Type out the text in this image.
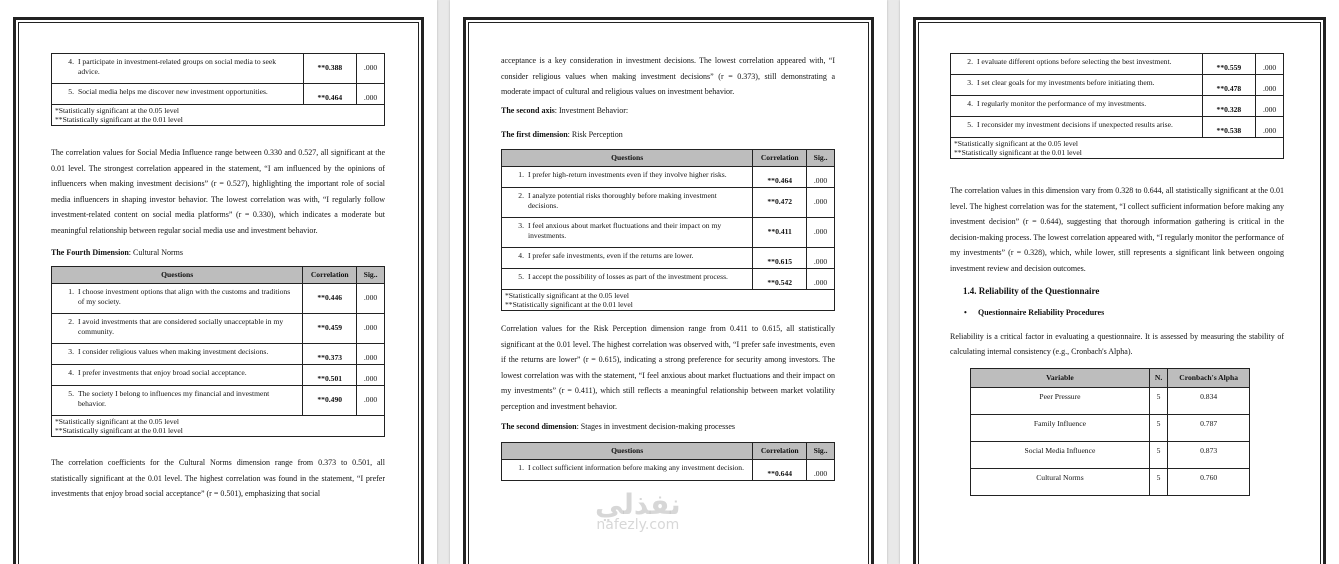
4. I participate in investment-related groups on social media to seek advice.	**0.388	.000
5. Social media helps me discover new investment opportunities.	**0.464	.000

*Statistically significant at the 0.05 level
**Statistically significant at the 0.01 level		

The correlation values for Social Media Influence range between 0.330 and 0.527, all significant at the 0.01 level. The strongest correlation appeared in the statement, “I am influenced by the opinions of influencers when making investment decisions” (r = 0.527), highlighting the important role of social media influencers in shaping investor behavior. The lowest correlation was with, “I regularly follow investment-related content on social media platforms” (r = 0.330), which indicates a moderate but meaningful relationship between regular social media use and investment behavior.

The Fourth Dimension: Cultural Norms

Questions	Correlation	Sig..
1. I choose investment options that align with the customs and traditions of my society.	**0.446	.000
2. I avoid investments that are considered socially unacceptable in my community.	**0.459	.000
3. I consider religious values when making investment decisions.	**0.373	.000
4. I prefer investments that enjoy broad social acceptance.	**0.501	.000
5. The society I belong to influences my financial and investment behavior.	**0.490	.000

*Statistically significant at the 0.05 level
**Statistically significant at the 0.01 level		

The correlation coefficients for the Cultural Norms dimension range from 0.373 to 0.501, all statistically significant at the 0.01 level. The highest correlation was found in the statement, “I prefer investments that enjoy broad social acceptance” (r = 0.501), emphasizing that social

acceptance is a key consideration in investment decisions. The lowest correlation appeared with, “I consider religious values when making investment decisions” (r = 0.373), still demonstrating a moderate impact of cultural and religious values on investment behavior.

The second axis: Investment Behavior:

The first dimension: Risk Perception

Questions	Correlation	Sig..
1. I prefer high-return investments even if they involve higher risks.	**0.464	.000
2. I analyze potential risks thoroughly before making investment decisions.	**0.472	.000
3. I feel anxious about market fluctuations and their impact on my investments.	**0.411	.000
4. I prefer safe investments, even if the returns are lower.	**0.615	.000
5. I accept the possibility of losses as part of the investment process.	**0.542	.000

*Statistically significant at the 0.05 level
**Statistically significant at the 0.01 level		

Correlation values for the Risk Perception dimension range from 0.411 to 0.615, all statistically significant at the 0.01 level. The highest correlation was observed with, “I prefer safe investments, even if the returns are lower” (r = 0.615), indicating a strong preference for security among investors. The lowest correlation was with the statement, “I feel anxious about market fluctuations and their impact on my investments” (r = 0.411), which still reflects a meaningful relationship between market volatility perception and investment behavior.

The second dimension: Stages in investment decision-making processes

Questions	Correlation	Sig..
1. I collect sufficient information before making any investment decision.	**0.644	.000
نفذلي
nafezly.com
2. I evaluate different options before selecting the best investment.	**0.559	.000
3. I set clear goals for my investments before initiating them.	**0.478	.000
4. I regularly monitor the performance of my investments.	**0.328	.000
5. I reconsider my investment decisions if unexpected results arise.	**0.538	.000

*Statistically significant at the 0.05 level
**Statistically significant at the 0.01 level		

The correlation values in this dimension vary from 0.328 to 0.644, all statistically significant at the 0.01 level. The highest correlation was for the statement, “I collect sufficient information before making any investment decision” (r = 0.644), suggesting that thorough information gathering is critical in the decision-making process. The lowest correlation appeared with, “I regularly monitor the performance of my investments” (r = 0.328), which, while lower, still represents a significant link between ongoing investment review and decision outcomes.

1.4. Reliability of the Questionnaire

• Questionnaire Reliability Procedures

Reliability is a critical factor in evaluating a questionnaire. It is assessed by measuring the stability of calculating internal consistency (e.g., Cronbach's Alpha).

Variable	N.	Cronbach's Alpha
Peer Pressure	5	0.834
Family Influence	5	0.787
Social Media Influence	5	0.873
Cultural Norms	5	0.760
